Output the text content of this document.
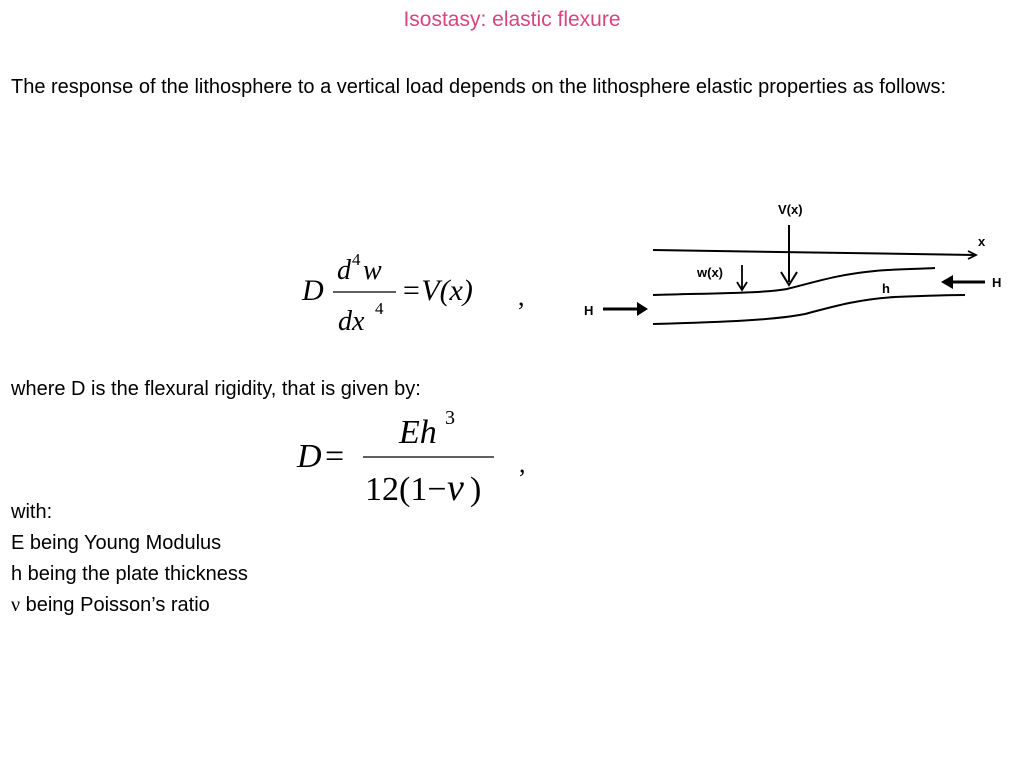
Isostasy: elastic flexure
The response of the lithosphere to a vertical load depends on the lithosphere elastic properties as follows:
D
d 4 w
dx 4
=V(x) ,
where D is the flexural rigidity, that is given by:
D =
Eh 3
12(1− ν )
,
with:
E being Young Modulus
h being the plate thickness
ν being Poisson’s ratio
V(x)
x
w(x)
h
H
H
